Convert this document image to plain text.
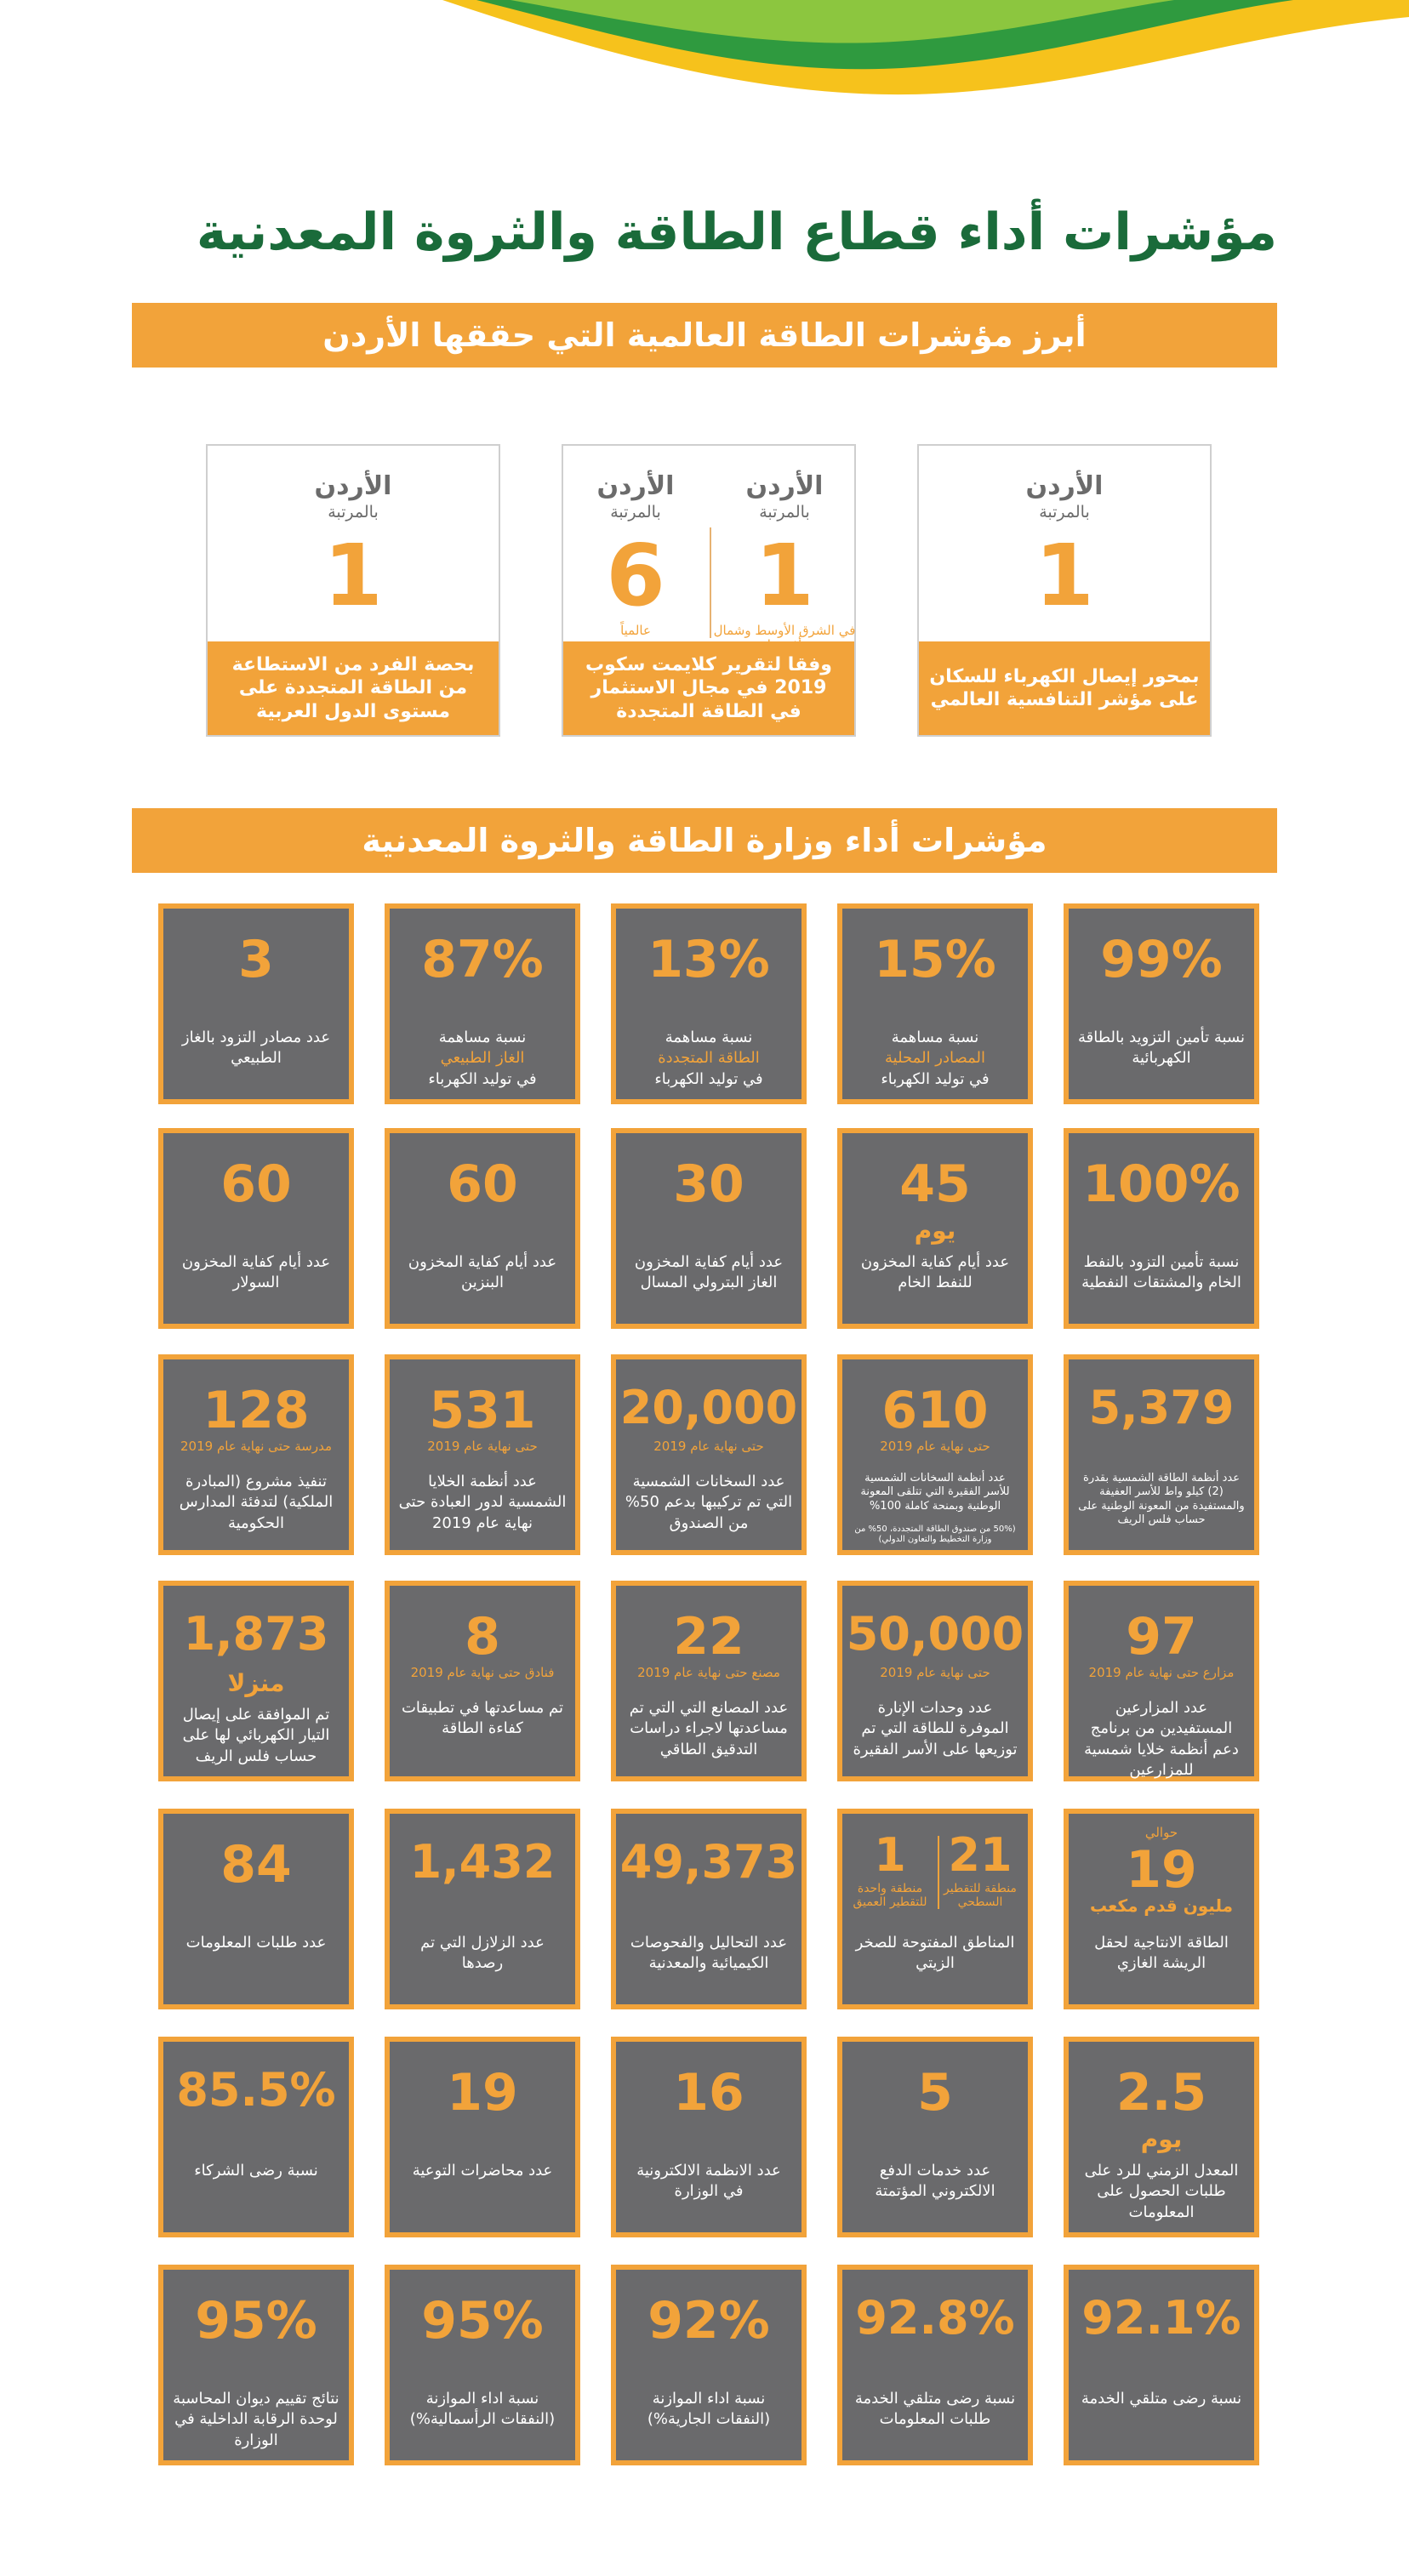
مؤشرات أداء قطاع الطاقة والثروة المعدنية
أبرز مؤشرات الطاقة العالمية التي حققها الأردن
الأردن
بالمرتبة
1
بمحور إيصال الكهرباء للسكان على مؤشر التنافسية العالمي
الأردن
بالمرتبة
1
في الشرق الأوسط وشمال
الأردن
بالمرتبة
6
عالمياً
وفقا لتقرير كلايمت سكوب 2019 في مجال الاستثمار في الطاقة المتجددة
الأردن
بالمرتبة
1
بحصة الفرد من الاستطاعة من الطاقة المتجددة على مستوى الدول العربية
مؤشرات أداء وزارة الطاقة والثروة المعدنية
99%
نسبة تأمين التزويد بالطاقة الكهربائية
15%
نسبة مساهمة
المصادر المحلية
في توليد الكهرباء
13%
نسبة مساهمة
الطاقة المتجددة
في توليد الكهرباء
87%
نسبة مساهمة
الغاز الطبيعي
في توليد الكهرباء
3
عدد مصادر التزود بالغاز الطبيعي
100%
نسبة تأمين التزود بالنفط الخام والمشتقات النفطية
45
يوم
عدد أيام كفاية المخزون للنفط الخام
30
عدد أيام كفاية المخزون الغاز البترولي المسال
60
عدد أيام كفاية المخزون البنزين
60
عدد أيام كفاية المخزون السولار
5,379
عدد أنظمة الطاقة الشمسية بقدرة (2) كيلو واط للأسر العفيفة والمستفيدة من المعونة الوطنية على حساب فلس الريف
610
حتى نهاية عام 2019
عدد أنظمة السخانات الشمسية للأسر الفقيرة التي تتلقى المعونة الوطنية وبمنحة كاملة 100%
(50% من صندوق الطاقة المتجددة، 50% من وزارة التخطيط والتعاون الدولي)
20,000
حتى نهاية عام 2019
عدد السخانات الشمسية التي تم تركيبها بدعم 50% من الصندوق
531
حتى نهاية عام 2019
عدد أنظمة الخلايا الشمسية لدور العبادة حتى نهاية عام 2019
128
مدرسة حتى نهاية عام 2019
تنفيذ مشروع (المبادرة الملكية) لتدفئة المدارس الحكومية
97
مزارع حتى نهاية عام 2019
عدد المزارعين المستفيدين من برنامج دعم أنظمة خلايا شمسية للمزارعين
50,000
حتى نهاية عام 2019
عدد وحدات الإنارة الموفرة للطاقة التي تم توزيعها على الأسر الفقيرة
22
مصنع حتى نهاية عام 2019
عدد المصانع التي التي تم مساعدتها لاجراء دراسات التدقيق الطاقي
8
فنادق حتى نهاية عام 2019
تم مساعدتها في تطبيقات كفاءة الطاقة
1,873
منزلا
تم الموافقة على إيصال التيار الكهربائي لها على حساب فلس الريف
حوالي
19
مليون قدم مكعب
الطاقة الانتاجية لحقل الريشة الغازي
21
منطقة للتقطير السطحي
1
منطقة واحدة للتقطير العميق
المناطق المفتوحة للصخر الزيتي
49,373
عدد التحاليل والفحوصات الكيميائية والمعدنية
1,432
عدد الزلازل التي تم رصدها
84
عدد طلبات المعلومات
2.5
يوم
المعدل الزمني للرد على طلبات الحصول على المعلومات
5
عدد خدمات الدفع الالكتروني المؤتمتة
16
عدد الانظمة الالكترونية في الوزارة
19
عدد محاضرات التوعية
85.5%
نسبة رضى الشركاء
92.1%
نسبة رضى متلقي الخدمة
92.8%
نسبة رضى متلقي الخدمة طلبات المعلومات
92%
نسبة اداء الموازنة (النفقات الجارية%)
95%
نسبة اداء الموازنة (النفقات الرأسمالية%)
95%
نتائج تقييم ديوان المحاسبة لوحدة الرقابة الداخلية في الوزارة
